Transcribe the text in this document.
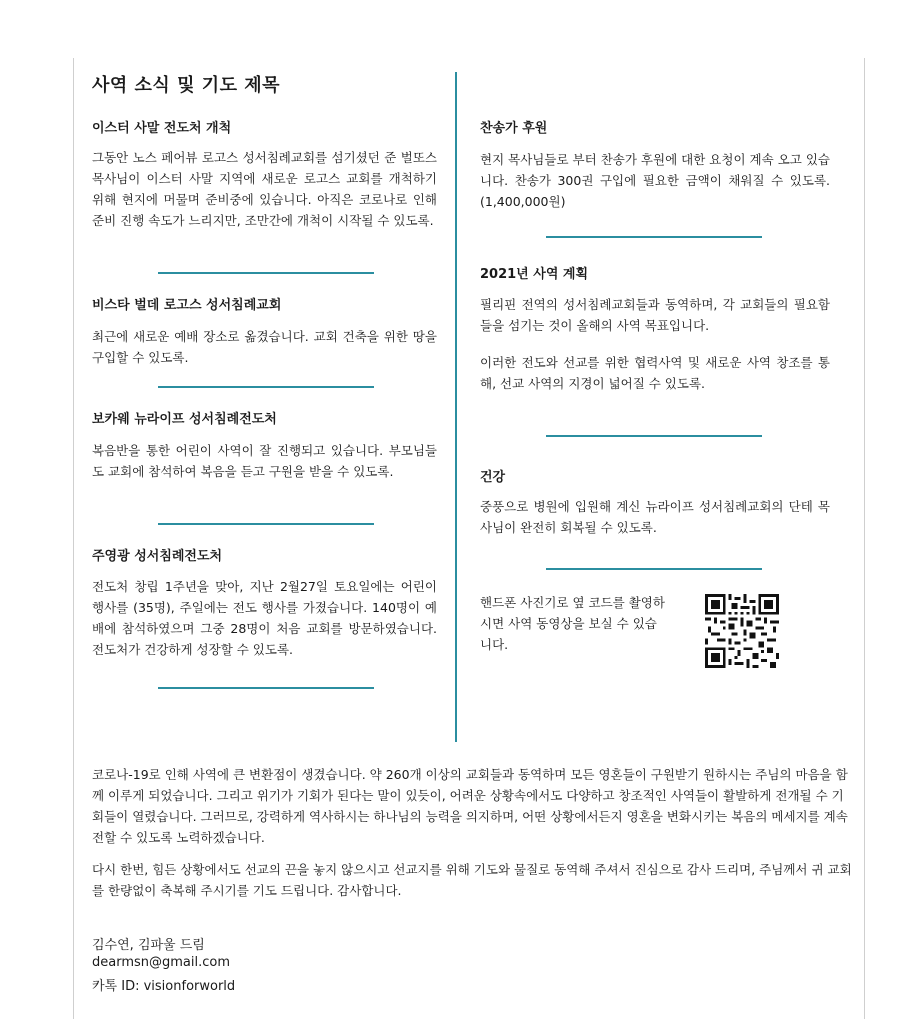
사역 소식 및 기도 제목
이스터 사말 전도처 개척

그동안 노스 페어뷰 로고스 성서침례교회를 섬기셨던 준 벌또스 목사님이 이스터 사말 지역에 새로운 로고스 교회를 개척하기 위해 현지에 머물며 준비중에 있습니다. 아직은 코로나로 인해 준비 진행 속도가 느리지만, 조만간에 개척이 시작될 수 있도록.

비스타 벌데 로고스 성서침례교회

최근에 새로운 예배 장소로 옮겼습니다. 교회 건축을 위한 땅을 구입할 수 있도록.

보카웨 뉴라이프 성서침례전도처

복음반을 통한 어린이 사역이 잘 진행되고 있습니다. 부모님들도 교회에 참석하여 복음을 듣고 구원을 받을 수 있도록.

주영광 성서침례전도처

전도처 창립 1주년을 맞아, 지난 2월27일 토요일에는 어린이 행사를 (35명), 주일에는 전도 행사를 가졌습니다. 140명이 예배에 참석하였으며 그중 28명이 처음 교회를 방문하였습니다. 전도처가 건강하게 성장할 수 있도록.

찬송가 후원

현지 목사님들로 부터 찬송가 후원에 대한 요청이 계속 오고 있습니다. 찬송가 300권 구입에 필요한 금액이 채워질 수 있도록. (1,400,000원)

2021년 사역 계획

필리핀 전역의 성서침례교회들과 동역하며, 각 교회들의 필요함들을 섬기는 것이 올해의 사역 목표입니다.

이러한 전도와 선교를 위한 협력사역 및 새로운 사역 창조를 통해, 선교 사역의 지경이 넓어질 수 있도록.

건강

중풍으로 병원에 입원해 계신 뉴라이프 성서침례교회의 단테 목사님이 완전히 회복될 수 있도록.

핸드폰 사진기로 옆 코드를 촬영하시면 사역 동영상을 보실 수 있습니다.

코로나-19로 인해 사역에 큰 변환점이 생겼습니다. 약 260개 이상의 교회들과 동역하며 모든 영혼들이 구원받기 원하시는 주님의 마음을 함께 이루게 되었습니다. 그리고 위기가 기회가 된다는 말이 있듯이, 어려운 상황속에서도 다양하고 창조적인 사역들이 활발하게 전개될 수 기회들이 열렸습니다. 그러므로, 강력하게 역사하시는 하나님의 능력을 의지하며, 어떤 상황에서든지 영혼을 변화시키는 복음의 메세지를 계속 전할 수 있도록 노력하겠습니다.

다시 한번, 힘든 상황에서도 선교의 끈을 놓지 않으시고 선교지를 위해 기도와 물질로 동역해 주셔서 진심으로 감사 드리며, 주님께서 귀 교회를 한량없이 축복해 주시기를 기도 드립니다. 감사합니다.

김수연, 김파울 드림

dearmsn@gmail.com

카톡 ID: visionforworld
